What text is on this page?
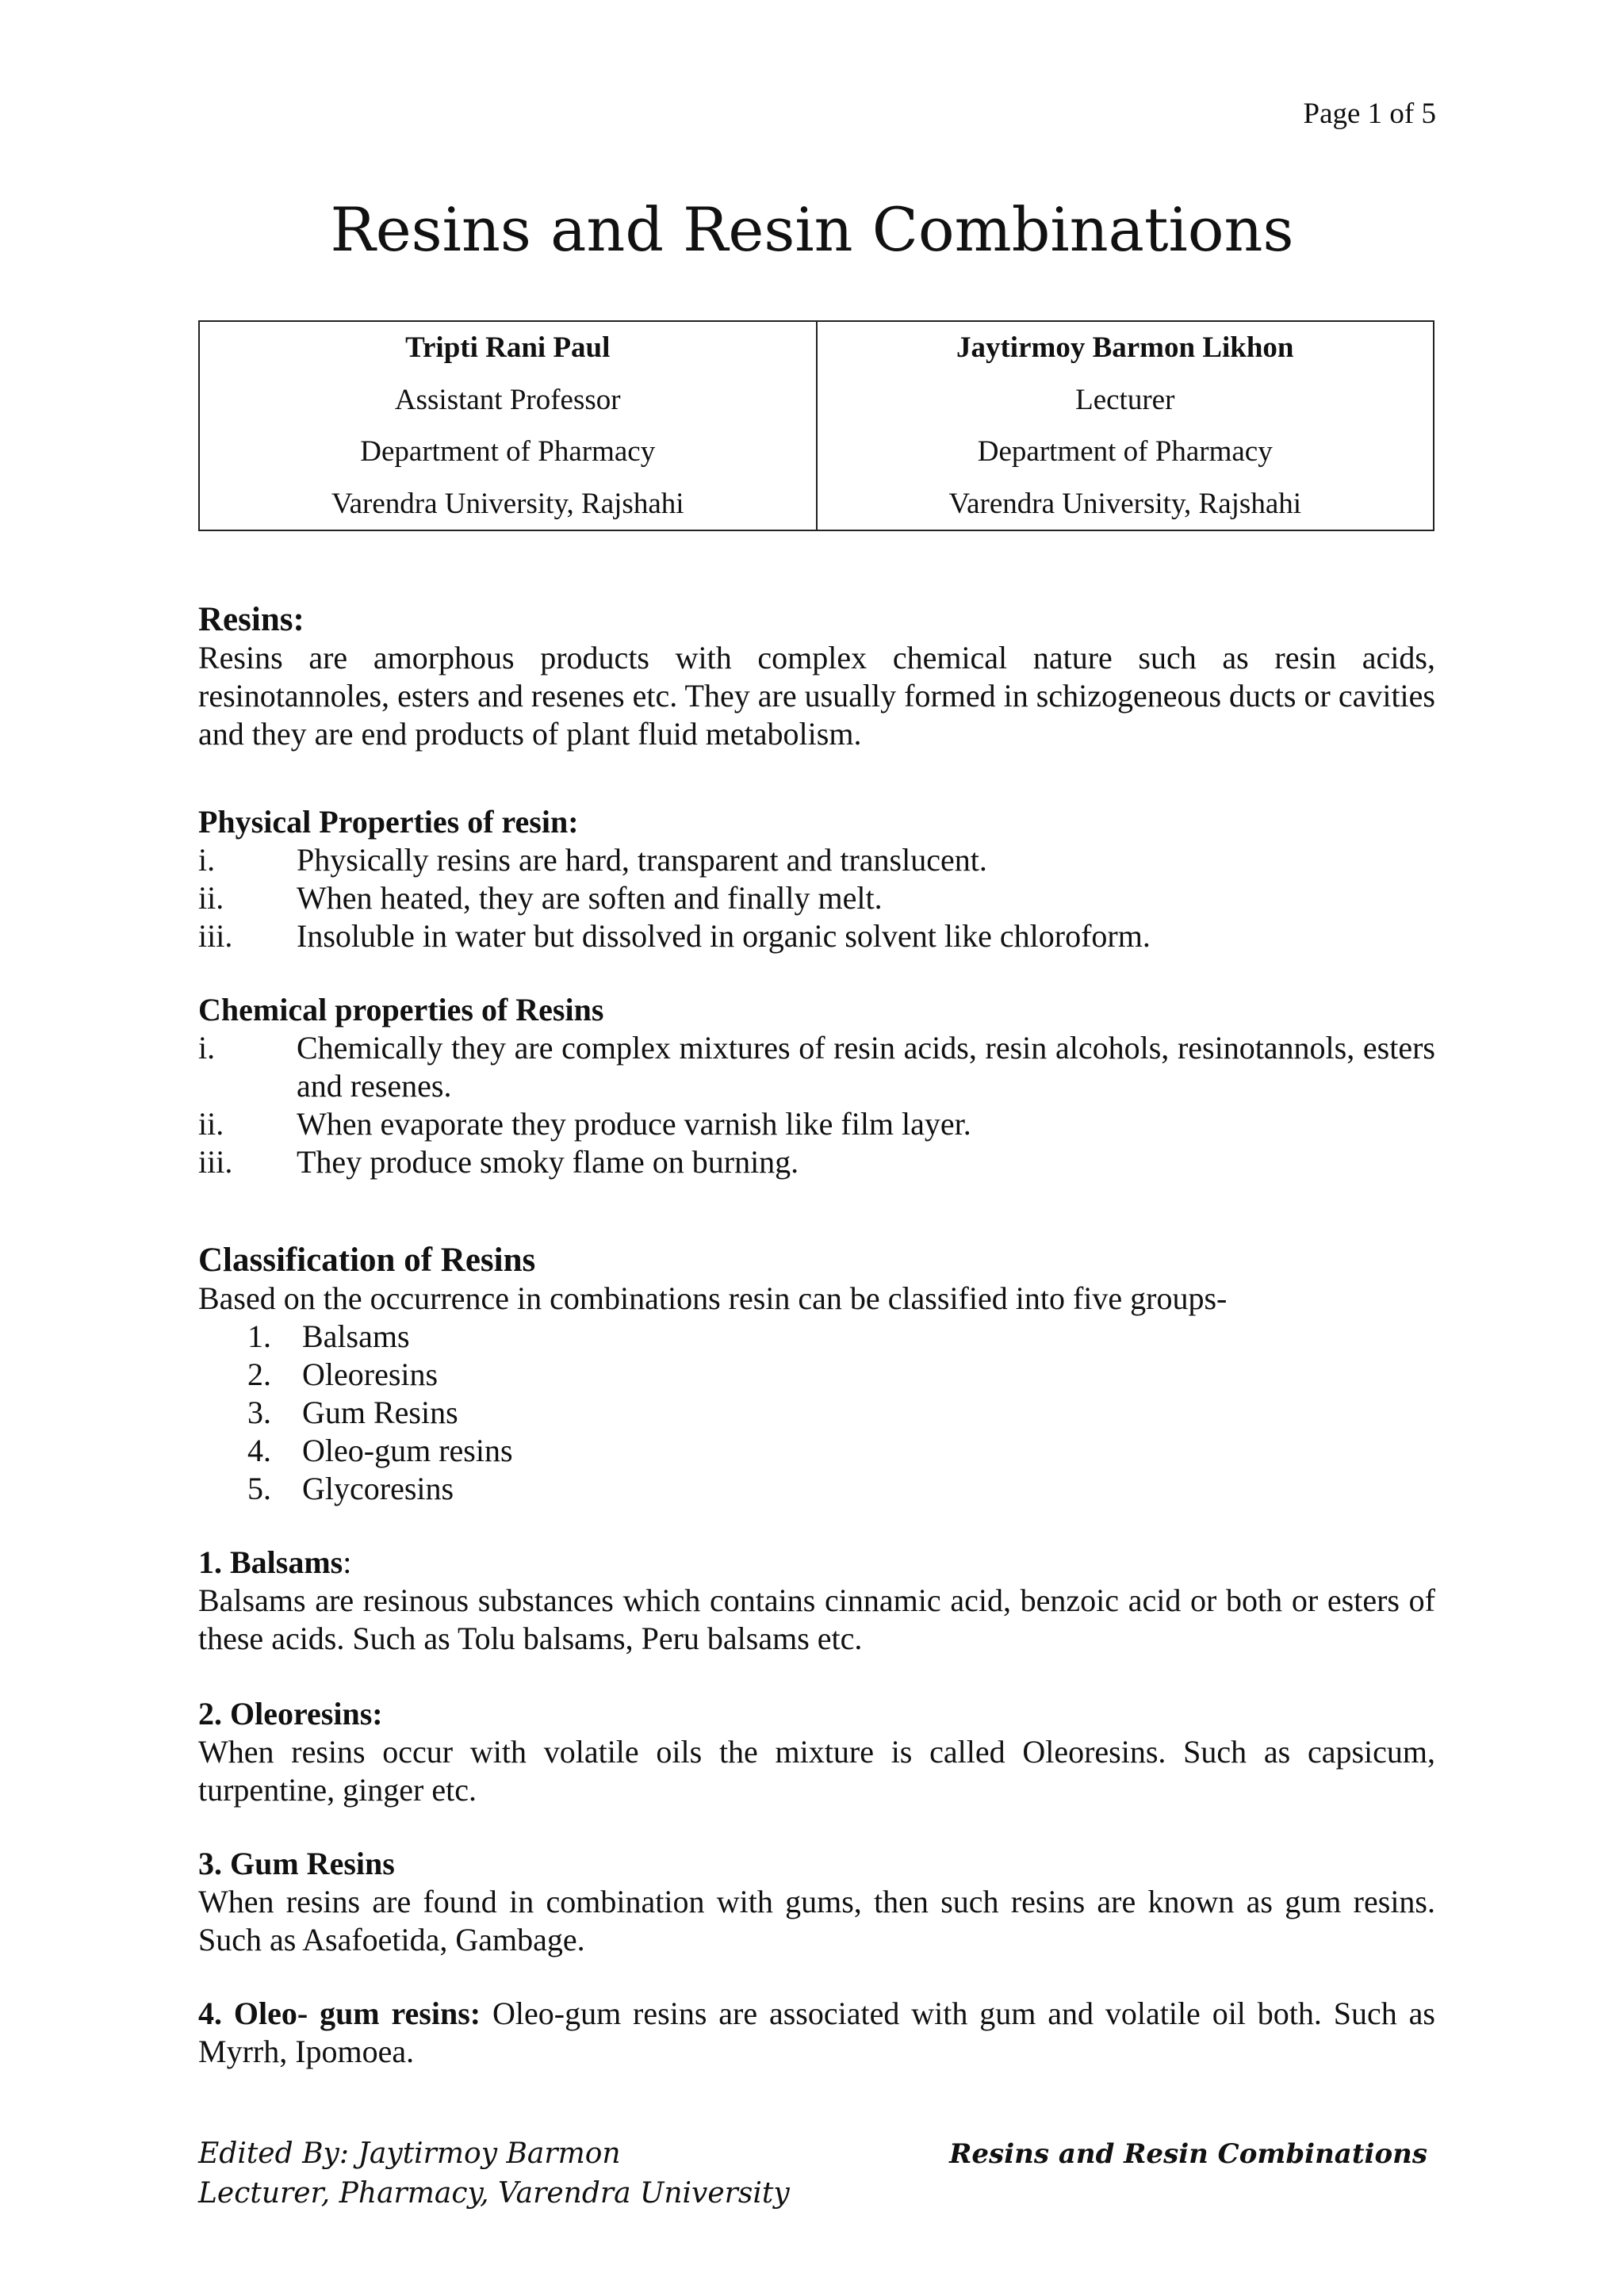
Page 1 of 5
Resins and Resin Combinations
Tripti Rani Paul
Assistant Professor
Department of Pharmacy
Varendra University, Rajshahi
Jaytirmoy Barmon Likhon
Lecturer
Department of Pharmacy
Varendra University, Rajshahi

Resins:

Resins are amorphous products with complex chemical nature such as resin acids, resinotannoles, esters and resenes etc. They are usually formed in schizogeneous ducts or cavities and they are end products of plant fluid metabolism.

Physical Properties of resin:

i.	Physically resins are hard, transparent and translucent.
ii.	When heated, they are soften and finally melt.
iii.	Insoluble in water but dissolved in organic solvent like chloroform.

Chemical properties of Resins

i.	Chemically they are complex mixtures of resin acids, resin alcohols, resinotannols, esters and resenes.
ii.	When evaporate they produce varnish like film layer.
iii.	They produce smoky flame on burning.

Classification of Resins

Based on the occurrence in combinations resin can be classified into five groups-

1. Balsams
2. Oleoresins
3. Gum Resins
4. Oleo-gum resins
5. Glycoresins

1. Balsams:

Balsams are resinous substances which contains cinnamic acid, benzoic acid or both or esters of these acids. Such as Tolu balsams, Peru balsams etc.

2. Oleoresins:

When resins occur with volatile oils the mixture is called Oleoresins. Such as capsicum, turpentine, ginger etc.

3. Gum Resins

When resins are found in combination with gums, then such resins are known as gum resins. Such as Asafoetida, Gambage.

4. Oleo- gum resins: Oleo-gum resins are associated with gum and volatile oil both. Such as Myrrh, Ipomoea.

Edited By: Jaytirmoy Barmon
Lecturer, Pharmacy, Varendra University
Resins and Resin Combinations
